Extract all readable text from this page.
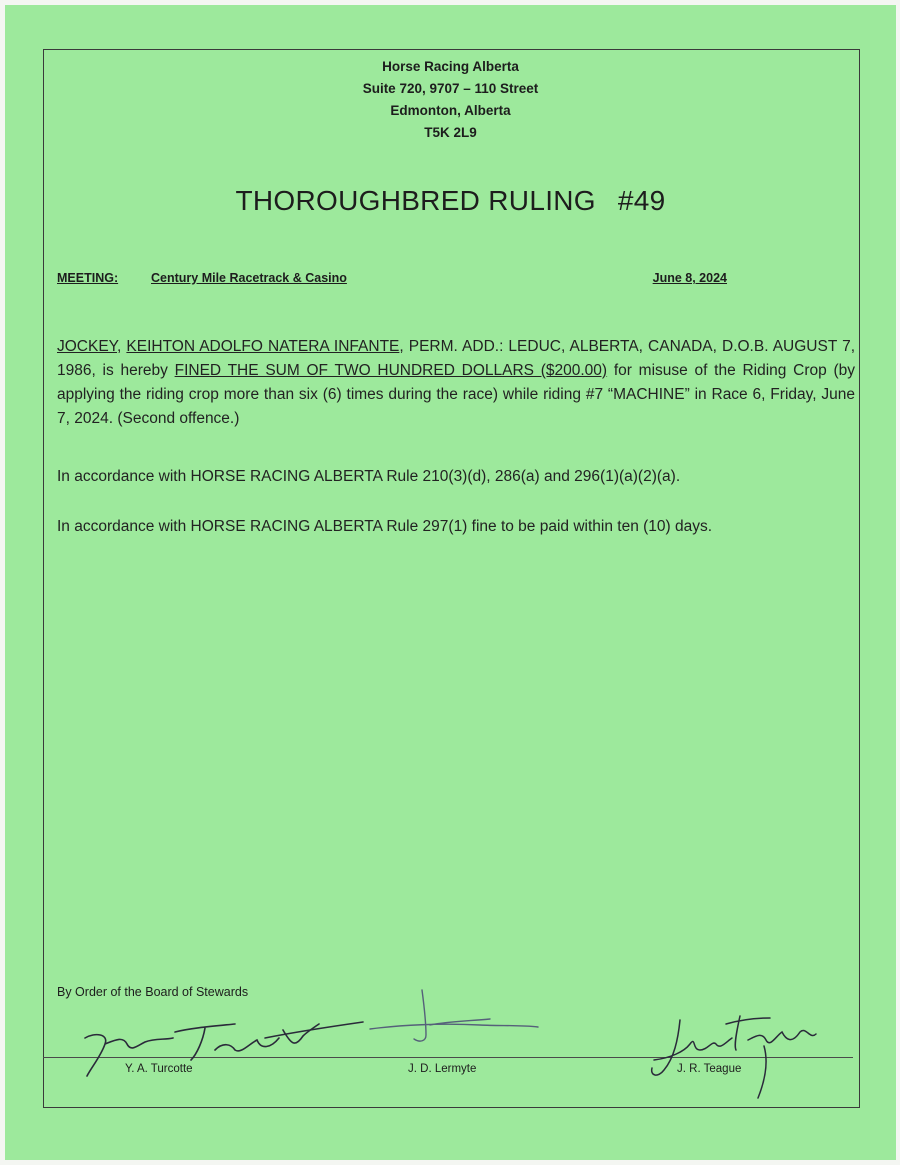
Horse Racing Alberta
Suite 720, 9707 – 110 Street
Edmonton, Alberta
T5K 2L9
THOROUGHBRED RULING #49
MEETING:	Century Mile Racetrack & Casino	June 8, 2024
JOCKEY, KEIHTON ADOLFO NATERA INFANTE, PERM. ADD.: LEDUC, ALBERTA, CANADA, D.O.B. AUGUST 7, 1986, is hereby FINED THE SUM OF TWO HUNDRED DOLLARS ($200.00) for misuse of the Riding Crop (by applying the riding crop more than six (6) times during the race) while riding #7 “MACHINE” in Race 6, Friday, June 7, 2024. (Second offence.)
In accordance with HORSE RACING ALBERTA Rule 210(3)(d), 286(a) and 296(1)(a)(2)(a).
In accordance with HORSE RACING ALBERTA Rule 297(1) fine to be paid within ten (10) days.
By Order of the Board of Stewards
Y. A. Turcotte	J. D. Lermyte	J. R. Teague
